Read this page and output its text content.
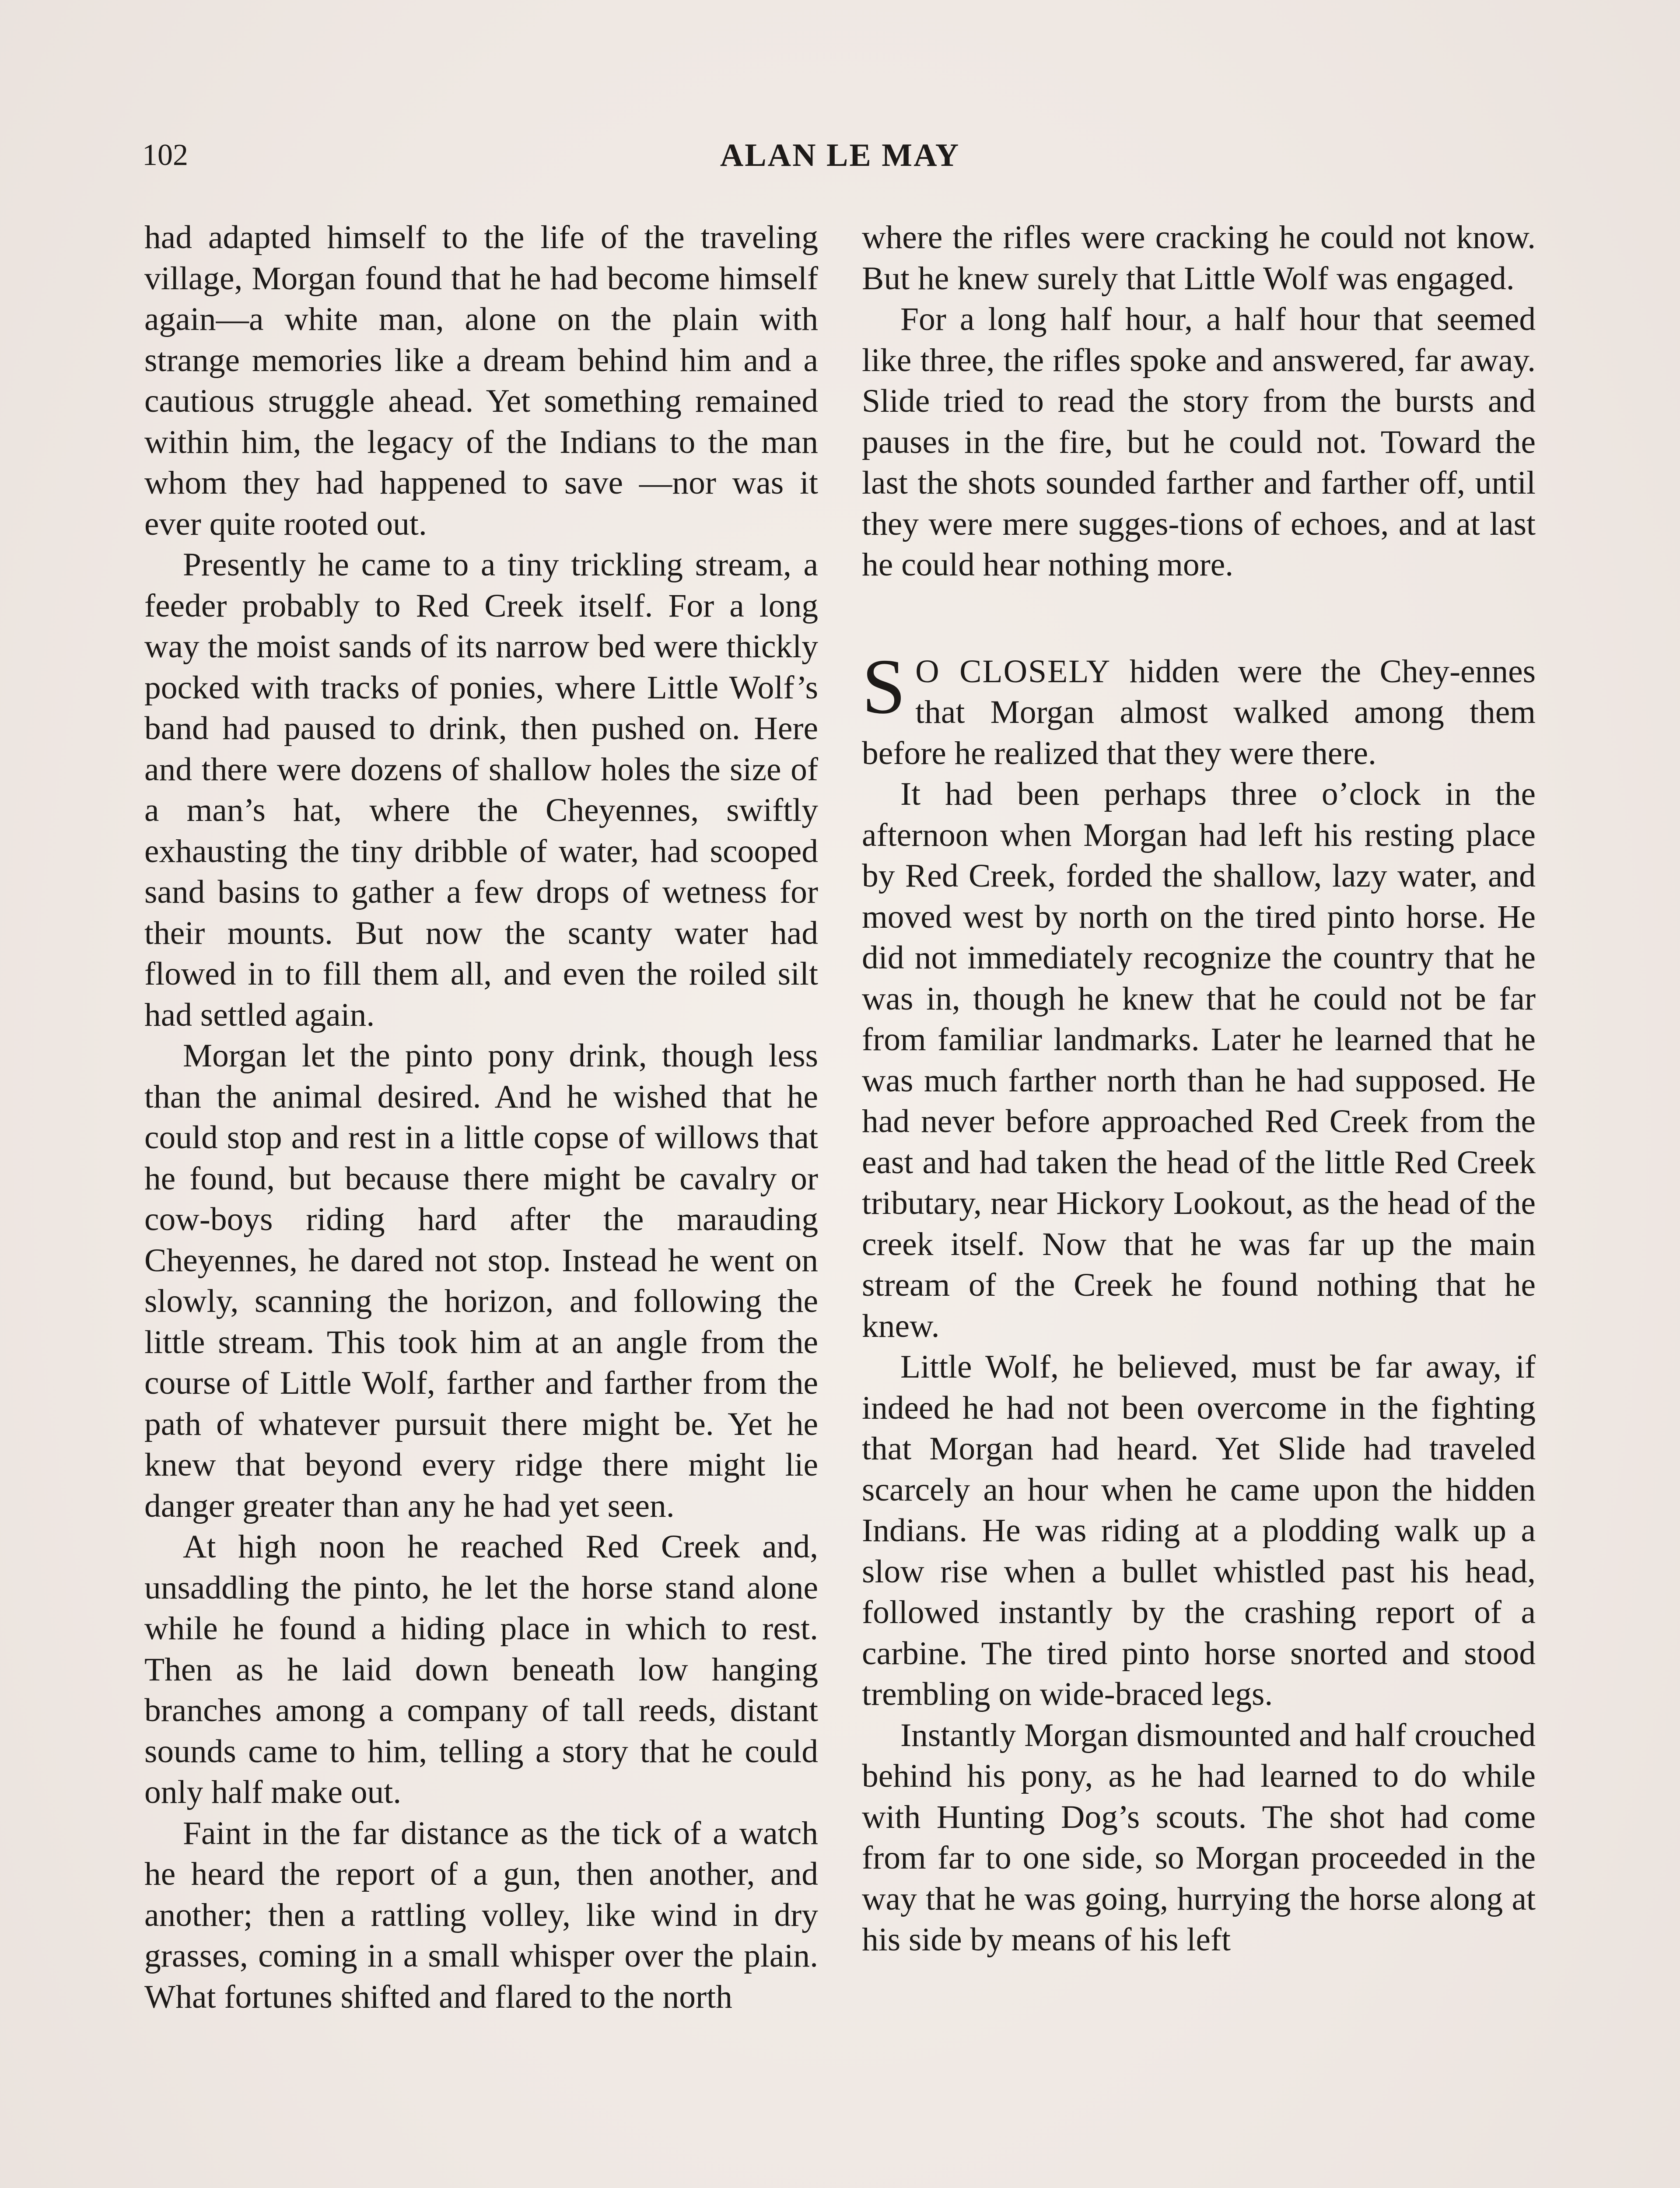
102	ALAN LE MAY

had adapted himself to the life of the traveling village, Morgan found that he had become himself again—a white man, alone on the plain with strange memories like a dream behind him and a cautious struggle ahead. Yet something remained within him, the legacy of the Indians to the man whom they had happened to save —nor was it ever quite rooted out.

Presently he came to a tiny trickling stream, a feeder probably to Red Creek itself. For a long way the moist sands of its narrow bed were thickly pocked with tracks of ponies, where Little Wolf’s band had paused to drink, then pushed on. Here and there were dozens of shallow holes the size of a man’s hat, where the Cheyennes, swiftly exhausting the tiny dribble of water, had scooped sand basins to gather a few drops of wetness for their mounts. But now the scanty water had flowed in to fill them all, and even the roiled silt had settled again.

Morgan let the pinto pony drink, though less than the animal desired. And he wished that he could stop and rest in a little copse of willows that he found, but because there might be cavalry or cow-boys riding hard after the marauding Cheyennes, he dared not stop. Instead he went on slowly, scanning the horizon, and following the little stream. This took him at an angle from the course of Little Wolf, farther and farther from the path of whatever pursuit there might be. Yet he knew that beyond every ridge there might lie danger greater than any he had yet seen.

At high noon he reached Red Creek and, unsaddling the pinto, he let the horse stand alone while he found a hiding place in which to rest. Then as he laid down beneath low hanging branches among a company of tall reeds, distant sounds came to him, telling a story that he could only half make out.

Faint in the far distance as the tick of a watch he heard the report of a gun, then another, and another; then a rattling volley, like wind in dry grasses, coming in a small whisper over the plain. What fortunes shifted and flared to the north

where the rifles were cracking he could not know. But he knew surely that Little Wolf was engaged.

For a long half hour, a half hour that seemed like three, the rifles spoke and answered, far away. Slide tried to read the story from the bursts and pauses in the fire, but he could not. Toward the last the shots sounded farther and farther off, until they were mere sugges-tions of echoes, and at last he could hear nothing more.

S O CLOSELY hidden were the Chey-ennes that Morgan almost walked among them before he realized that they were there.

It had been perhaps three o’clock in the afternoon when Morgan had left his resting place by Red Creek, forded the shallow, lazy water, and moved west by north on the tired pinto horse. He did not immediately recognize the country that he was in, though he knew that he could not be far from familiar landmarks. Later he learned that he was much farther north than he had supposed. He had never before approached Red Creek from the east and had taken the head of the little Red Creek tributary, near Hickory Lookout, as the head of the creek itself. Now that he was far up the main stream of the Creek he found nothing that he knew.

Little Wolf, he believed, must be far away, if indeed he had not been overcome in the fighting that Morgan had heard. Yet Slide had traveled scarcely an hour when he came upon the hidden Indians. He was riding at a plodding walk up a slow rise when a bullet whistled past his head, followed instantly by the crashing report of a carbine. The tired pinto horse snorted and stood trembling on wide-braced legs.

Instantly Morgan dismounted and half crouched behind his pony, as he had learned to do while with Hunting Dog’s scouts. The shot had come from far to one side, so Morgan proceeded in the way that he was going, hurrying the horse along at his side by means of his left
